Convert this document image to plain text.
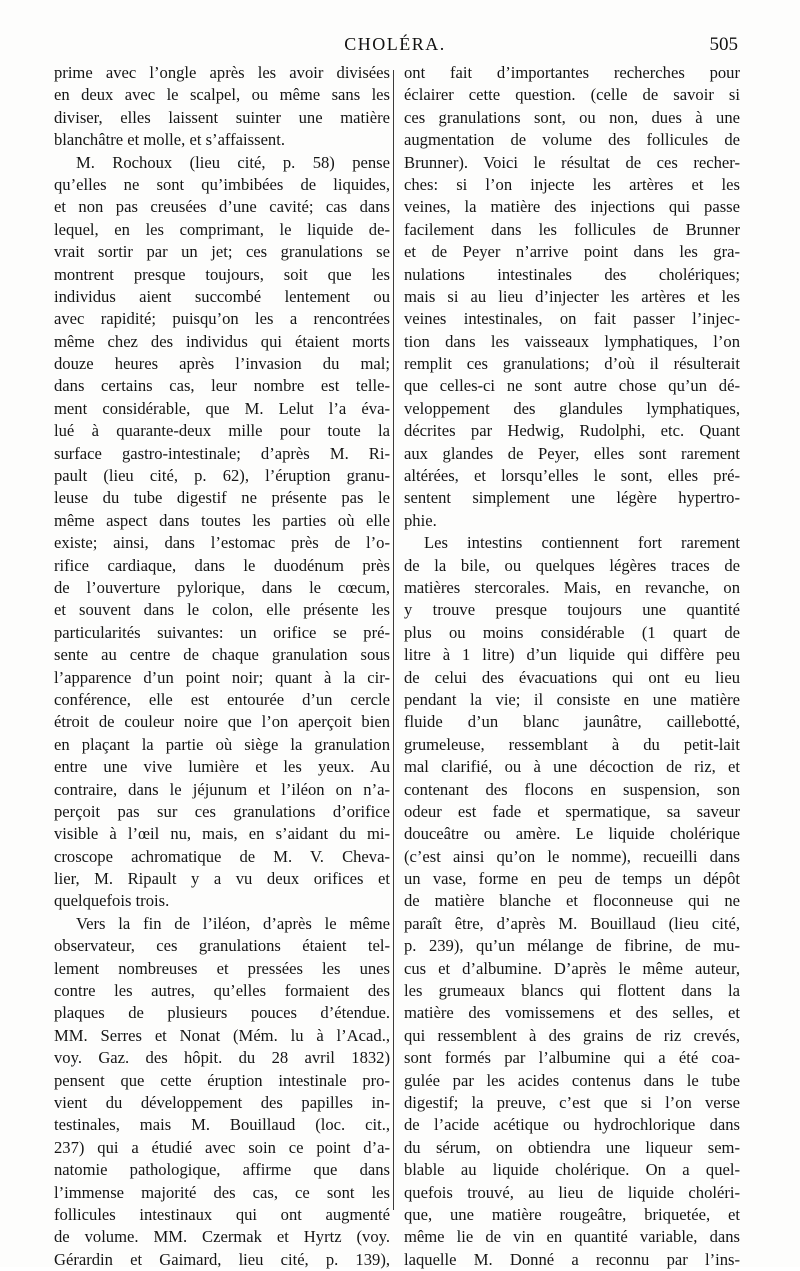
CHOLÉRA.	505
prime avec l’ongle après les avoir divisées
en deux avec le scalpel, ou même sans les
diviser, elles laissent suinter une matière
blanchâtre et molle, et s’affaissent.
M. Rochoux (lieu cité, p. 58) pense
qu’elles ne sont qu’imbibées de liquides,
et non pas creusées d’une cavité; cas dans
lequel, en les comprimant, le liquide de-
vrait sortir par un jet; ces granulations se
montrent presque toujours, soit que les
individus aient succombé lentement ou
avec rapidité; puisqu’on les a rencontrées
même chez des individus qui étaient morts
douze heures après l’invasion du mal;
dans certains cas, leur nombre est telle-
ment considérable, que M. Lelut l’a éva-
lué à quarante-deux mille pour toute la
surface gastro-intestinale; d’après M. Ri-
pault (lieu cité, p. 62), l’éruption granu-
leuse du tube digestif ne présente pas le
même aspect dans toutes les parties où elle
existe; ainsi, dans l’estomac près de l’o-
rifice cardiaque, dans le duodénum près
de l’ouverture pylorique, dans le cœcum,
et souvent dans le colon, elle présente les
particularités suivantes: un orifice se pré-
sente au centre de chaque granulation sous
l’apparence d’un point noir; quant à la cir-
conférence, elle est entourée d’un cercle
étroit de couleur noire que l’on aperçoit bien
en plaçant la partie où siège la granulation
entre une vive lumière et les yeux. Au
contraire, dans le jéjunum et l’iléon on n’a-
perçoit pas sur ces granulations d’orifice
visible à l’œil nu, mais, en s’aidant du mi-
croscope achromatique de M. V. Cheva-
lier, M. Ripault y a vu deux orifices et
quelquefois trois.
Vers la fin de l’iléon, d’après le même
observateur, ces granulations étaient tel-
lement nombreuses et pressées les unes
contre les autres, qu’elles formaient des
plaques de plusieurs pouces d’étendue.
MM. Serres et Nonat (Mém. lu à l’Acad.,
voy. Gaz. des hôpit. du 28 avril 1832)
pensent que cette éruption intestinale pro-
vient du développement des papilles in-
testinales, mais M. Bouillaud (loc. cit.,
237) qui a étudié avec soin ce point d’a-
natomie pathologique, affirme que dans
l’immense majorité des cas, ce sont les
follicules intestinaux qui ont augmenté
de volume. MM. Czermak et Hyrtz (voy.
Gérardin et Gaimard, lieu cité, p. 139),
ont fait d’importantes recherches pour
éclairer cette question. (celle de savoir si
ces granulations sont, ou non, dues à une
augmentation de volume des follicules de
Brunner). Voici le résultat de ces recher-
ches: si l’on injecte les artères et les
veines, la matière des injections qui passe
facilement dans les follicules de Brunner
et de Peyer n’arrive point dans les gra-
nulations intestinales des cholériques;
mais si au lieu d’injecter les artères et les
veines intestinales, on fait passer l’injec-
tion dans les vaisseaux lymphatiques, l’on
remplit ces granulations; d’où il résulterait
que celles-ci ne sont autre chose qu’un dé-
veloppement des glandules lymphatiques,
décrites par Hedwig, Rudolphi, etc. Quant
aux glandes de Peyer, elles sont rarement
altérées, et lorsqu’elles le sont, elles pré-
sentent simplement une légère hypertro-
phie.
Les intestins contiennent fort rarement
de la bile, ou quelques légères traces de
matières stercorales. Mais, en revanche, on
y trouve presque toujours une quantité
plus ou moins considérable (1 quart de
litre à 1 litre) d’un liquide qui diffère peu
de celui des évacuations qui ont eu lieu
pendant la vie; il consiste en une matière
fluide d’un blanc jaunâtre, caillebotté,
grumeleuse, ressemblant à du petit-lait
mal clarifié, ou à une décoction de riz, et
contenant des flocons en suspension, son
odeur est fade et spermatique, sa saveur
douceâtre ou amère. Le liquide cholérique
(c’est ainsi qu’on le nomme), recueilli dans
un vase, forme en peu de temps un dépôt
de matière blanche et floconneuse qui ne
paraît être, d’après M. Bouillaud (lieu cité,
p. 239), qu’un mélange de fibrine, de mu-
cus et d’albumine. D’après le même auteur,
les grumeaux blancs qui flottent dans la
matière des vomissemens et des selles, et
qui ressemblent à des grains de riz crevés,
sont formés par l’albumine qui a été coa-
gulée par les acides contenus dans le tube
digestif; la preuve, c’est que si l’on verse
de l’acide acétique ou hydrochlorique dans
du sérum, on obtiendra une liqueur sem-
blable au liquide cholérique. On a quel-
quefois trouvé, au lieu de liquide choléri-
que, une matière rougeâtre, briquetée, et
même lie de vin en quantité variable, dans
laquelle M. Donné a reconnu par l’ins-
